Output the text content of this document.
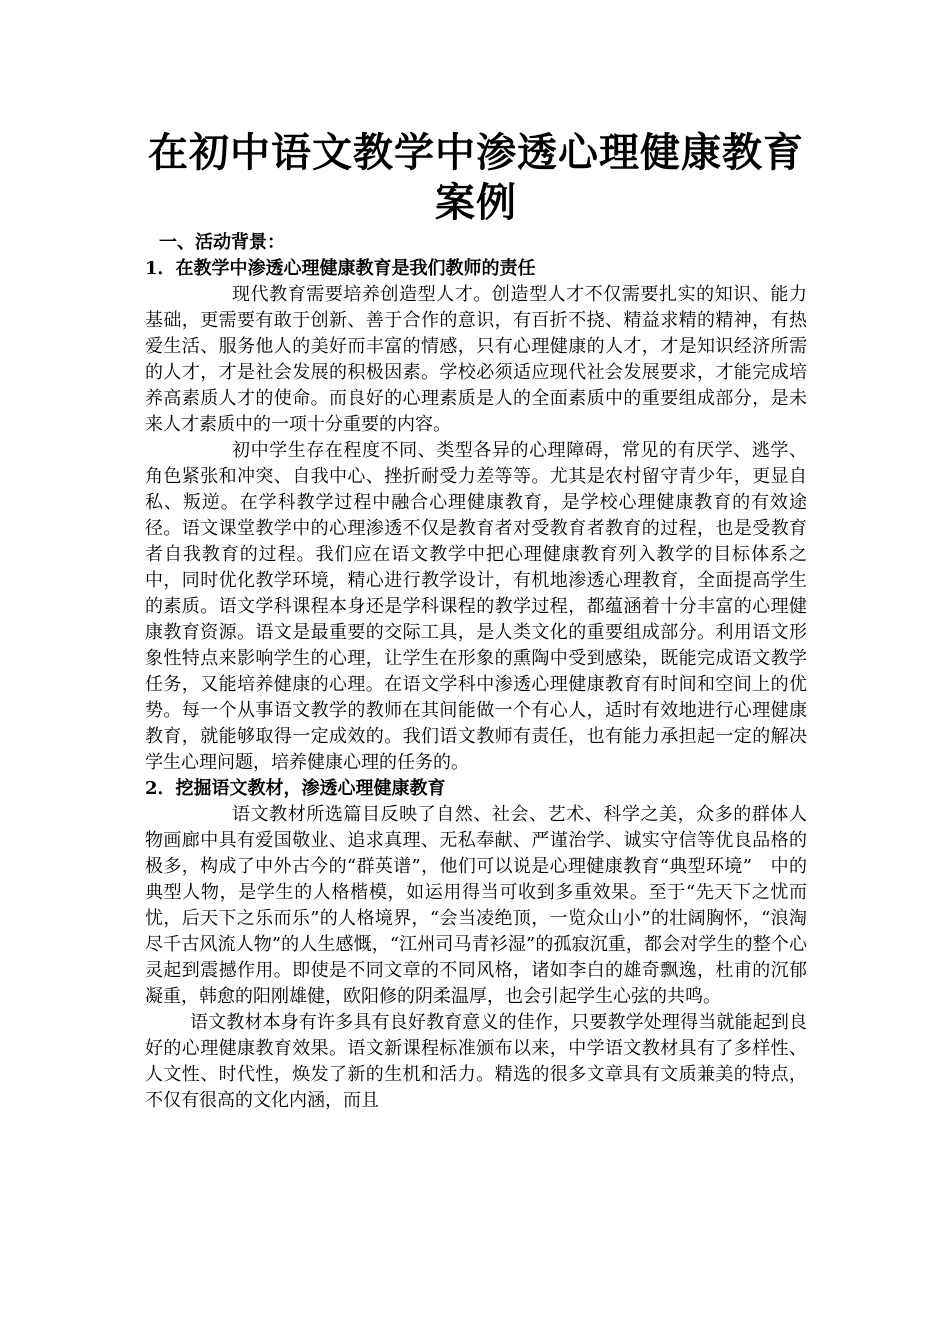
在初中语文教学中渗透心理健康教育案例
一、活动背景：
1．在教学中渗透心理健康教育是我们教师的责任

现代教育需要培养创造型人才。创造型人才不仅需要扎实的知识、能力基础，更需要有敢于创新、善于合作的意识，有百折不挠、精益求精的精神，有热爱生活、服务他人的美好而丰富的情感，只有心理健康的人才，才是知识经济所需的人才，才是社会发展的积极因素。学校必须适应现代社会发展要求，才能完成培养高素质人才的使命。而良好的心理素质是人的全面素质中的重要组成部分，是未来人才素质中的一项十分重要的内容。

初中学生存在程度不同、类型各异的心理障碍，常见的有厌学、逃学、角色紧张和冲突、自我中心、挫折耐受力差等等。尤其是农村留守青少年，更显自私、叛逆。在学科教学过程中融合心理健康教育，是学校心理健康教育的有效途径。语文课堂教学中的心理渗透不仅是教育者对受教育者教育的过程，也是受教育者自我教育的过程。我们应在语文教学中把心理健康教育列入教学的目标体系之中，同时优化教学环境，精心进行教学设计，有机地渗透心理教育，全面提高学生的素质。语文学科课程本身还是学科课程的教学过程，都蕴涵着十分丰富的心理健康教育资源。语文是最重要的交际工具，是人类文化的重要组成部分。利用语文形象性特点来影响学生的心理，让学生在形象的熏陶中受到感染，既能完成语文教学任务，又能培养健康的心理。在语文学科中渗透心理健康教育有时间和空间上的优势。每一个从事语文教学的教师在其间能做一个有心人，适时有效地进行心理健康教育，就能够取得一定成效的。我们语文教师有责任，也有能力承担起一定的解决学生心理问题，培养健康心理的任务的。

2．挖掘语文教材，渗透心理健康教育

语文教材所选篇目反映了自然、社会、艺术、科学之美，众多的群体人物画廊中具有爱国敬业、追求真理、无私奉献、严谨治学、诚实守信等优良品格的极多，构成了中外古今的“群英谱”，他们可以说是心理健康教育“典型环境”　中的典型人物，是学生的人格楷模，如运用得当可收到多重效果。至于“先天下之忧而忧，后天下之乐而乐”的人格境界，“会当凌绝顶，一览众山小”的壮阔胸怀，“浪淘尽千古风流人物”的人生感慨，“江州司马青衫湿”的孤寂沉重，都会对学生的整个心灵起到震撼作用。即使是不同文章的不同风格，诸如李白的雄奇飘逸，杜甫的沉郁凝重，韩愈的阳刚雄健，欧阳修的阴柔温厚，也会引起学生心弦的共鸣。

语文教材本身有许多具有良好教育意义的佳作，只要教学处理得当就能起到良好的心理健康教育效果。语文新课程标准颁布以来，中学语文教材具有了多样性、人文性、时代性，焕发了新的生机和活力。精选的很多文章具有文质兼美的特点，不仅有很高的文化内涵，而且
